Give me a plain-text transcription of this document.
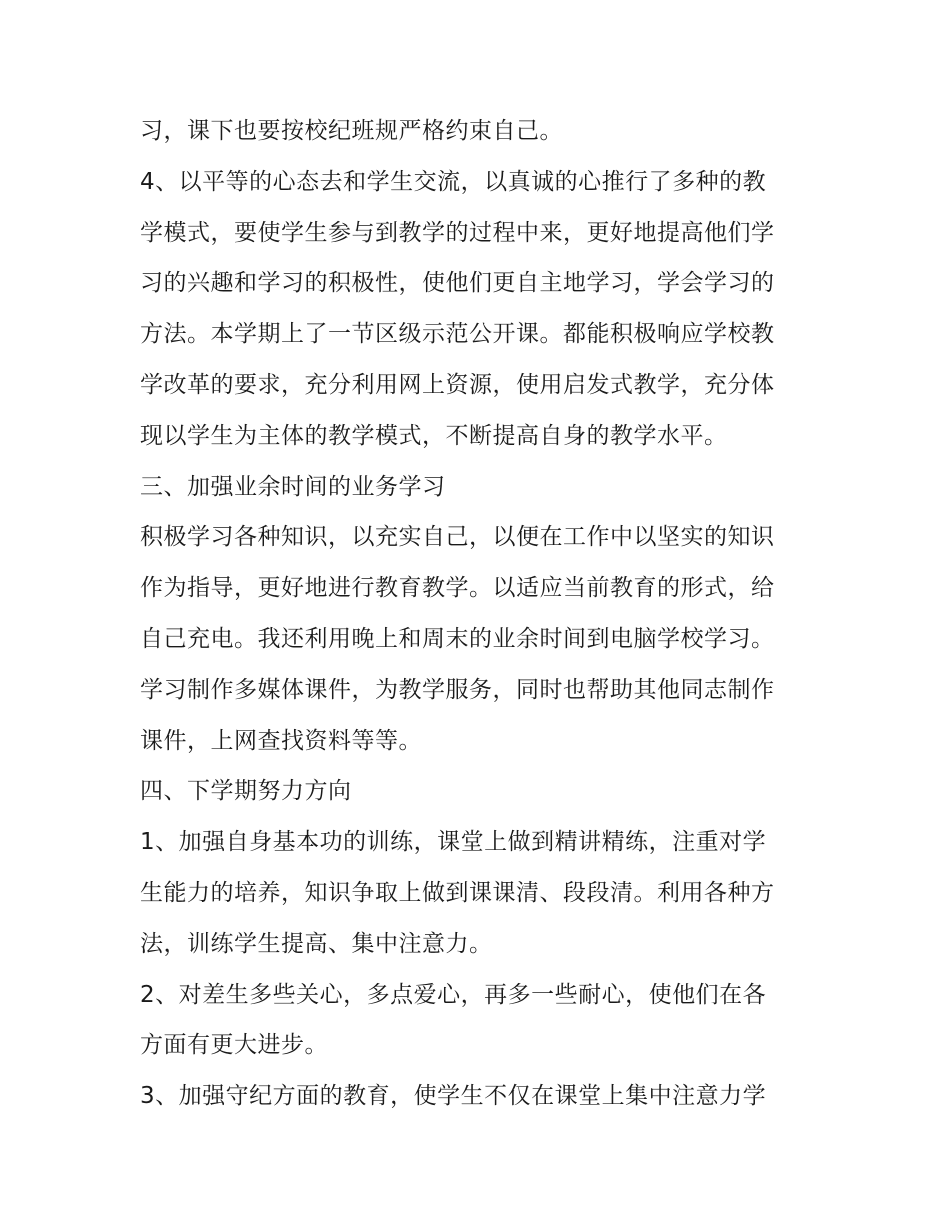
习，课下也要按校纪班规严格约束自己。
4、以平等的心态去和学生交流，以真诚的心推行了多种的教
学模式，要使学生参与到教学的过程中来，更好地提高他们学
习的兴趣和学习的积极性，使他们更自主地学习，学会学习的
方法。本学期上了一节区级示范公开课。都能积极响应学校教
学改革的要求，充分利用网上资源，使用启发式教学，充分体
现以学生为主体的教学模式，不断提高自身的教学水平。
三、加强业余时间的业务学习
积极学习各种知识，以充实自己，以便在工作中以坚实的知识
作为指导，更好地进行教育教学。以适应当前教育的形式，给
自己充电。我还利用晚上和周末的业余时间到电脑学校学习。
学习制作多媒体课件，为教学服务，同时也帮助其他同志制作
课件，上网查找资料等等。
四、下学期努力方向
1、加强自身基本功的训练，课堂上做到精讲精练，注重对学
生能力的培养，知识争取上做到课课清、段段清。利用各种方
法，训练学生提高、集中注意力。
2、对差生多些关心，多点爱心，再多一些耐心，使他们在各
方面有更大进步。
3、加强守纪方面的教育，使学生不仅在课堂上集中注意力学
